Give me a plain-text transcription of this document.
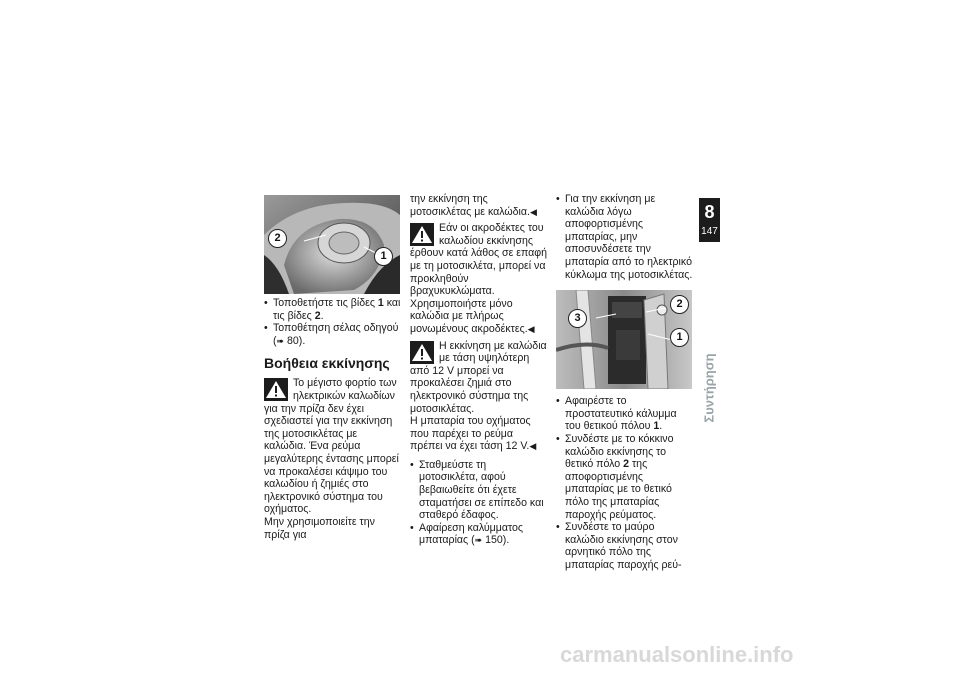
2
1
• Τοποθετήστε τις βίδες 1 και τις βίδες 2.
• Τοποθέτηση σέλας οδηγού (➠ 80).
Βοήθεια εκκίνησης

Το μέγιστο φορτίο των ηλεκτρικών καλωδίων για την πρίζα δεν έχει σχεδιαστεί για την εκκίνηση της μοτοσικλέτας με καλώδια. Ένα ρεύμα μεγαλύτερης έντασης μπορεί να προκαλέσει κάψιμο του καλωδίου ή ζημιές στο ηλεκτρονικό σύστημα του οχήματος.

Μην χρησιμοποιείτε την πρίζα για

την εκκίνηση της μοτοσικλέτας με καλώδια.◀

Εάν οι ακροδέκτες του καλωδίου εκκίνησης έρθουν κατά λάθος σε επαφή με τη μοτοσικλέτα, μπορεί να προκληθούν βραχυκυκλώματα.

Χρησιμοποιήστε μόνο καλώδια με πλήρως μονωμένους ακροδέκτες.◀

Η εκκίνηση με καλώδια με τάση υψηλότερη από 12 V μπορεί να προκαλέσει ζημιά στο ηλεκτρονικό σύστημα της μοτοσικλέτας.

Η μπαταρία του οχήματος που παρέχει το ρεύμα πρέπει να έχει τάση 12 V.◀

• Σταθμεύστε τη μοτοσικλέτα, αφού βεβαιωθείτε ότι έχετε σταματήσει σε επίπεδο και σταθερό έδαφος.
• Αφαίρεση καλύμματος μπαταρίας (➠ 150).
• Για την εκκίνηση με καλώδια λόγω αποφορτισμένης μπαταρίας, μην αποσυνδέσετε την μπαταρία από το ηλεκτρικό κύκλωμα της μοτοσικλέτας.
2
3
1
• Αφαιρέστε το προστατευτικό κάλυμμα του θετικού πόλου 1.
• Συνδέστε με το κόκκινο καλώδιο εκκίνησης το θετικό πόλο 2 της αποφορτισμένης μπαταρίας με το θετικό πόλο της μπαταρίας παροχής ρεύματος.
• Συνδέστε το μαύρο καλώδιο εκκίνησης στον αρνητικό πόλο της μπαταρίας παροχής ρεύ-
8
147
Συντήρηση
carmanualsonline.info
